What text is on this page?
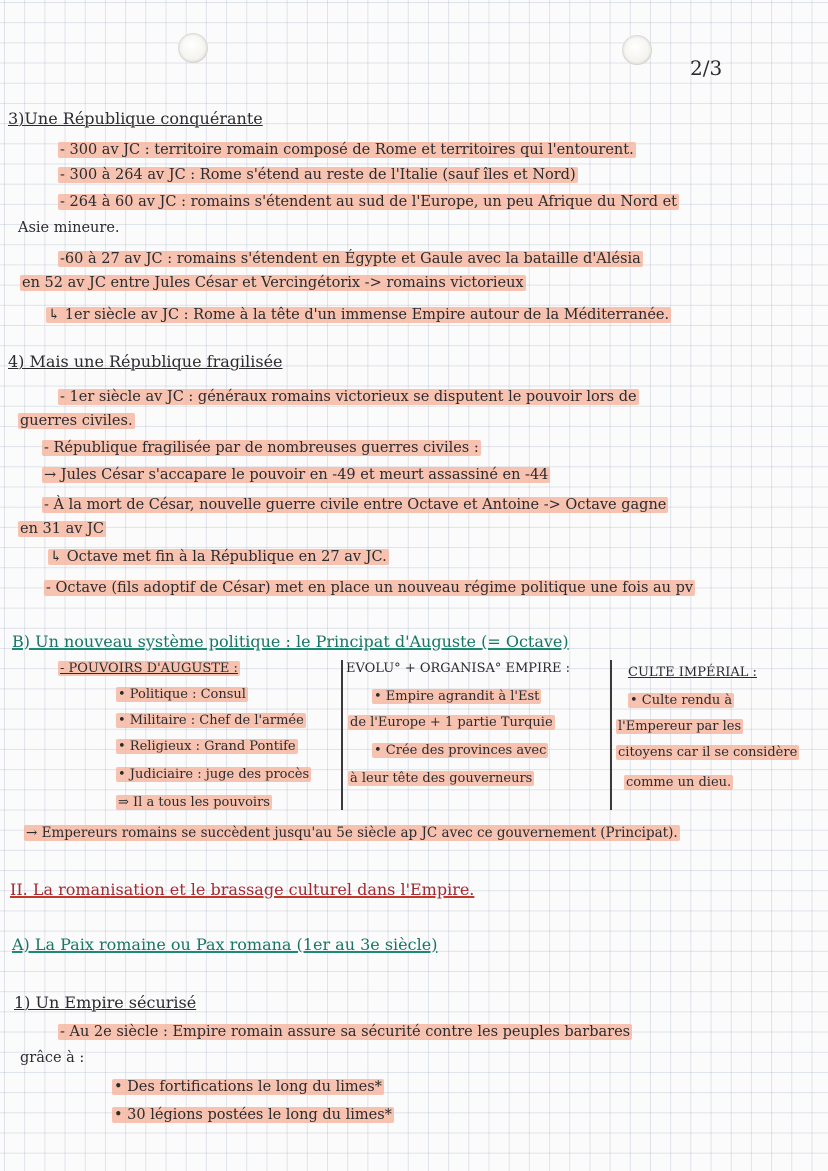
2/3
3)Une République conquérante
- 300 av JC : territoire romain composé de Rome et territoires qui l'entourent.
- 300 à 264 av JC : Rome s'étend au reste de l'Italie (sauf îles et Nord)
- 264 à 60 av JC : romains s'étendent au sud de l'Europe, un peu Afrique du Nord et
Asie mineure.
-60 à 27 av JC : romains s'étendent en Égypte et Gaule avec la bataille d'Alésia
en 52 av JC entre Jules César et Vercingétorix -> romains victorieux
↳ 1er siècle av JC : Rome à la tête d'un immense Empire autour de la Méditerranée.
4) Mais une République fragilisée
- 1er siècle av JC : généraux romains victorieux se disputent le pouvoir lors de
guerres civiles.
- République fragilisée par de nombreuses guerres civiles :
→ Jules César s'accapare le pouvoir en -49 et meurt assassiné en -44
- À la mort de César, nouvelle guerre civile entre Octave et Antoine -> Octave gagne
en 31 av JC
↳ Octave met fin à la République en 27 av JC.
- Octave (fils adoptif de César) met en place un nouveau régime politique une fois au pv
B) Un nouveau système politique : le Principat d'Auguste (= Octave)
- POUVOIRS D'AUGUSTE :
• Politique : Consul
• Militaire : Chef de l'armée
• Religieux : Grand Pontife
• Judiciaire : juge des procès
⇒ Il a tous les pouvoirs
EVOLU° + ORGANISA° EMPIRE :
• Empire agrandit à l'Est
de l'Europe + 1 partie Turquie
• Crée des provinces avec
à leur tête des gouverneurs
CULTE IMPÉRIAL :
• Culte rendu à
l'Empereur par les
citoyens car il se considère
comme un dieu.
→ Empereurs romains se succèdent jusqu'au 5e siècle ap JC avec ce gouvernement (Principat).
II. La romanisation et le brassage culturel dans l'Empire.
A) La Paix romaine ou Pax romana (1er au 3e siècle)
1) Un Empire sécurisé
- Au 2e siècle : Empire romain assure sa sécurité contre les peuples barbares
grâce à :
• Des fortifications le long du limes*
• 30 légions postées le long du limes*
